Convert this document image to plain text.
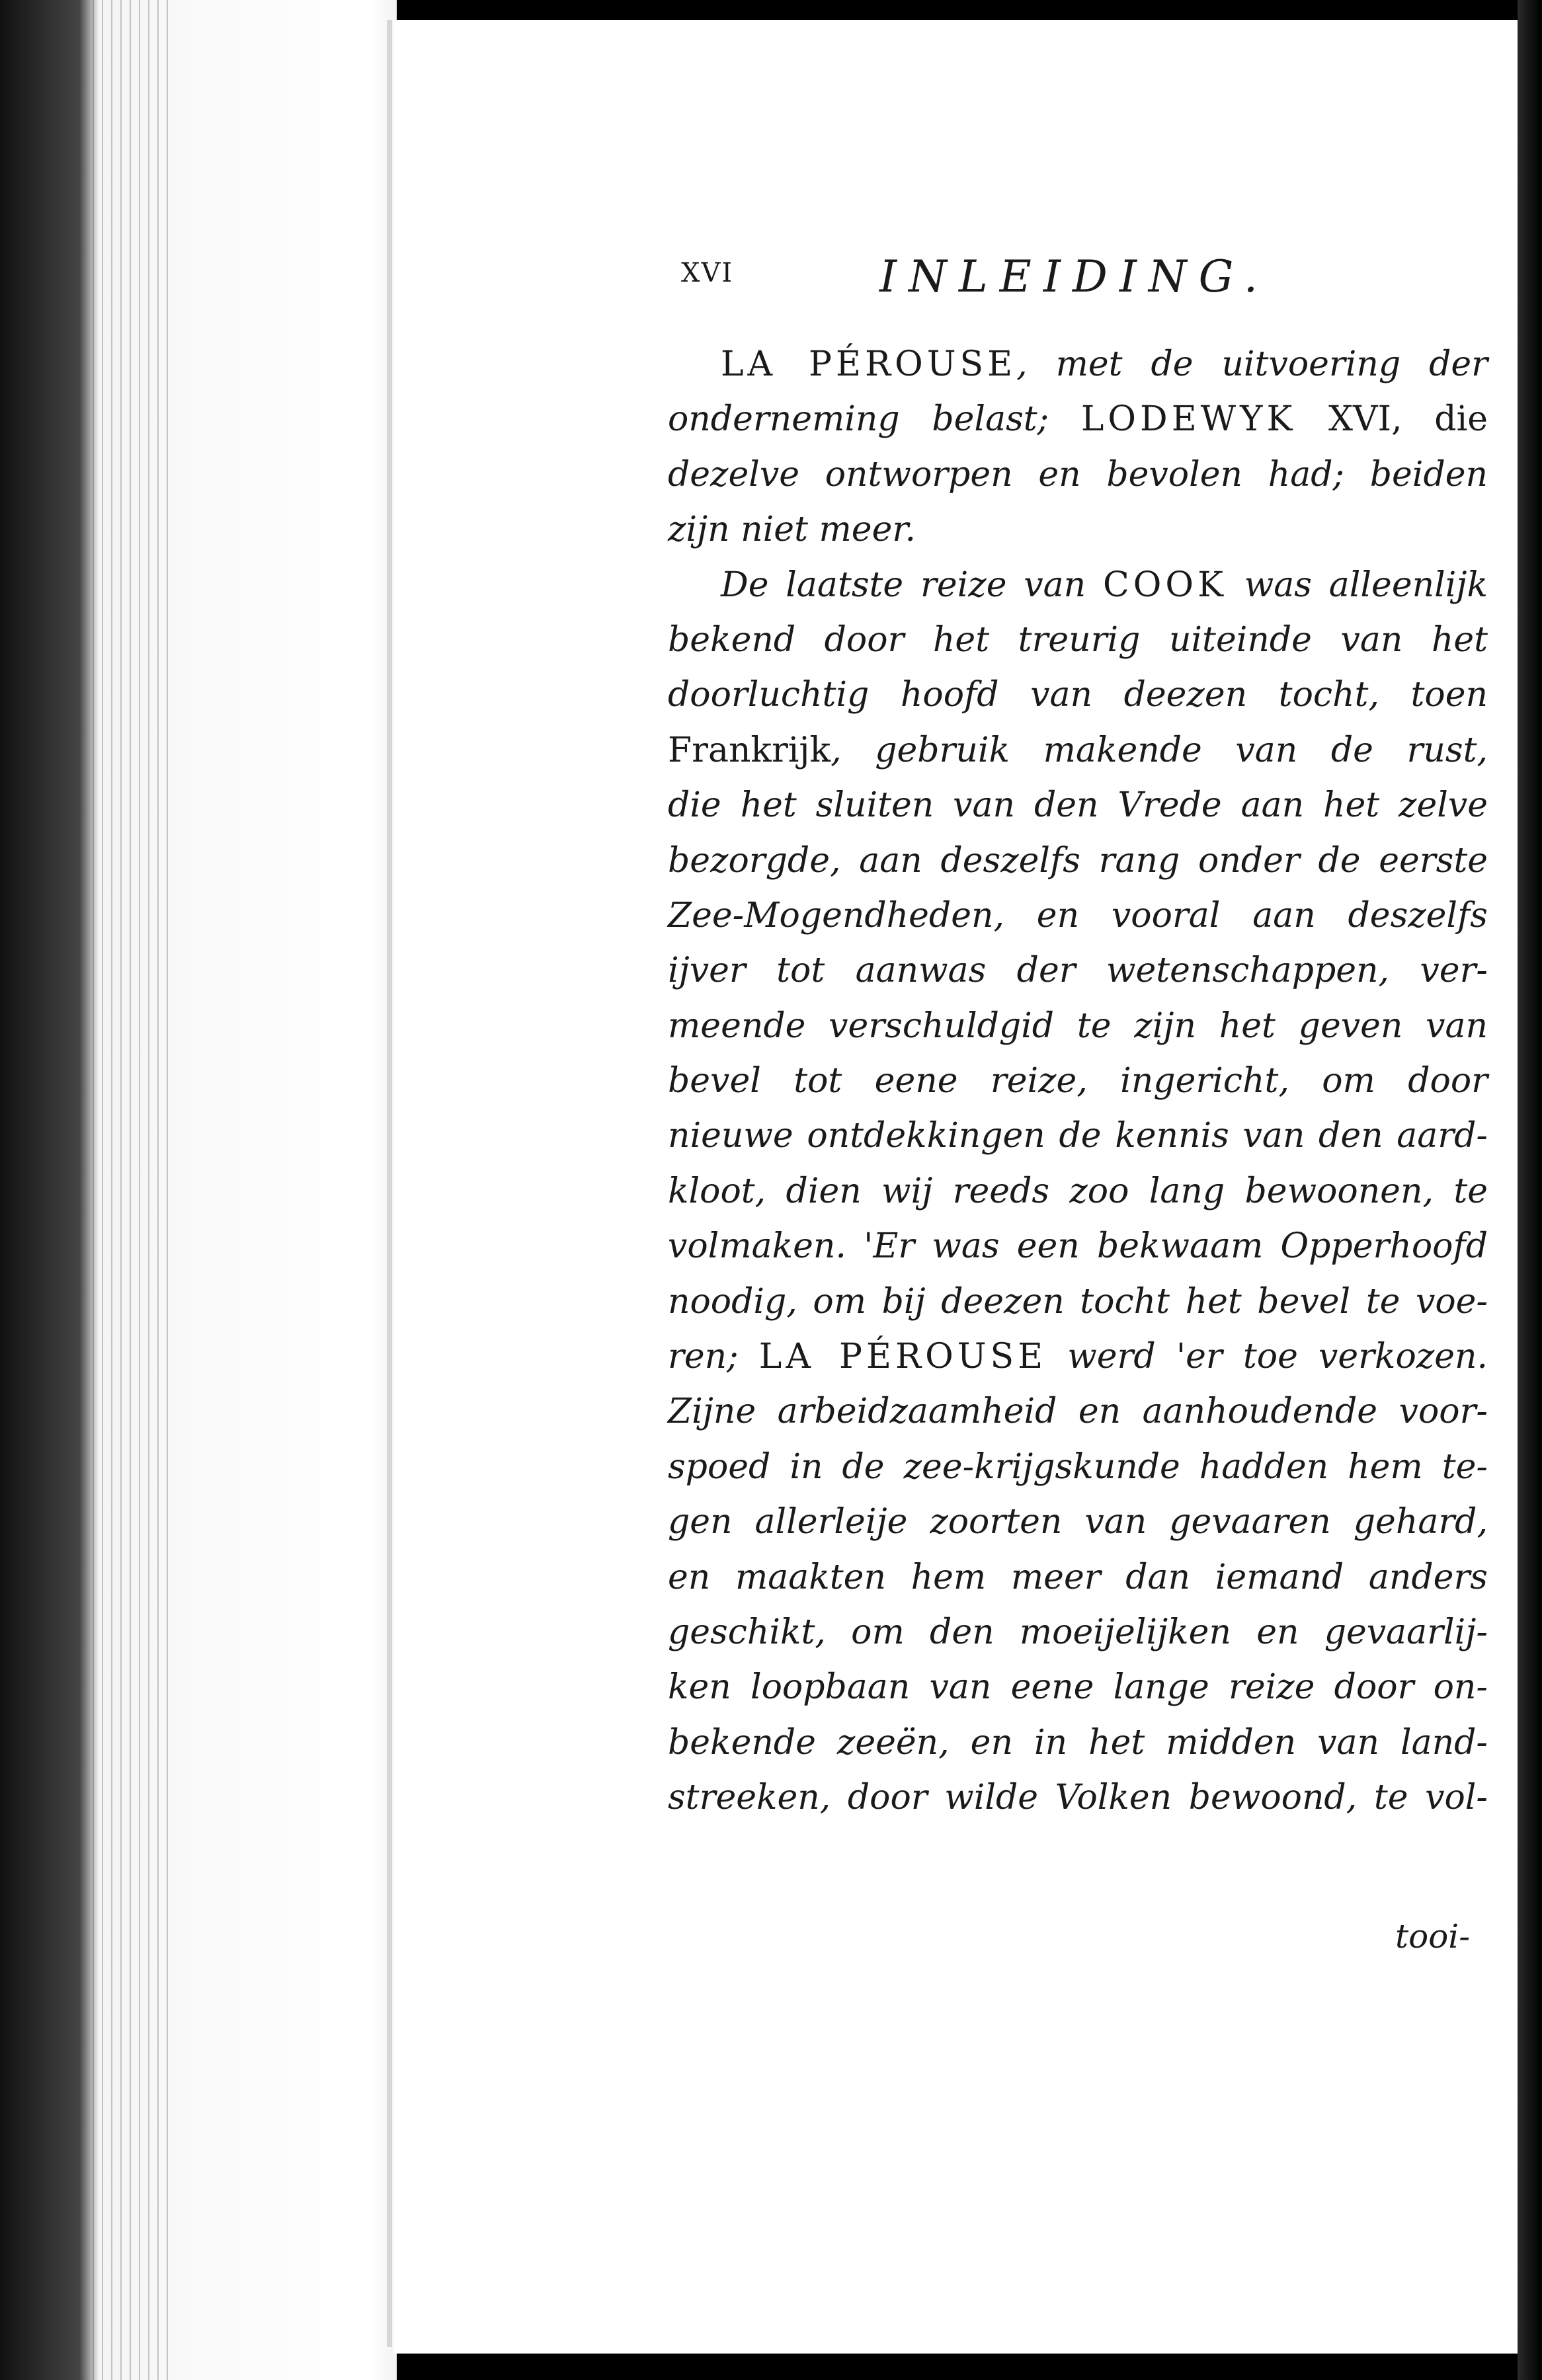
XVI	INLEIDING.
LA PÉROUSE, met de uitvoering der
onderneming belast; LODEWYK XVI, die
dezelve ontworpen en bevolen had; beiden
zijn niet meer.
De laatste reize van COOK was alleenlijk
bekend door het treurig uiteinde van het
doorluchtig hoofd van deezen tocht, toen
Frankrijk, gebruik makende van de rust,
die het sluiten van den Vrede aan het zelve
bezorgde, aan deszelfs rang onder de eerste
Zee-Mogendheden, en vooral aan deszelfs
ijver tot aanwas der wetenschappen, ver-
meende verschuldgid te zijn het geven van
bevel tot eene reize, ingericht, om door
nieuwe ontdekkingen de kennis van den aard-
kloot, dien wij reeds zoo lang bewoonen, te
volmaken. 'Er was een bekwaam Opperhoofd
noodig, om bij deezen tocht het bevel te voe-
ren; LA PÉROUSE werd 'er toe verkozen.
Zijne arbeidzaamheid en aanhoudende voor-
spoed in de zee-krijgskunde hadden hem te-
gen allerleije zoorten van gevaaren gehard,
en maakten hem meer dan iemand anders
geschikt, om den moeijelijken en gevaarlij-
ken loopbaan van eene lange reize door on-
bekende zeeën, en in het midden van land-
streeken, door wilde Volken bewoond, te vol-
tooi-
